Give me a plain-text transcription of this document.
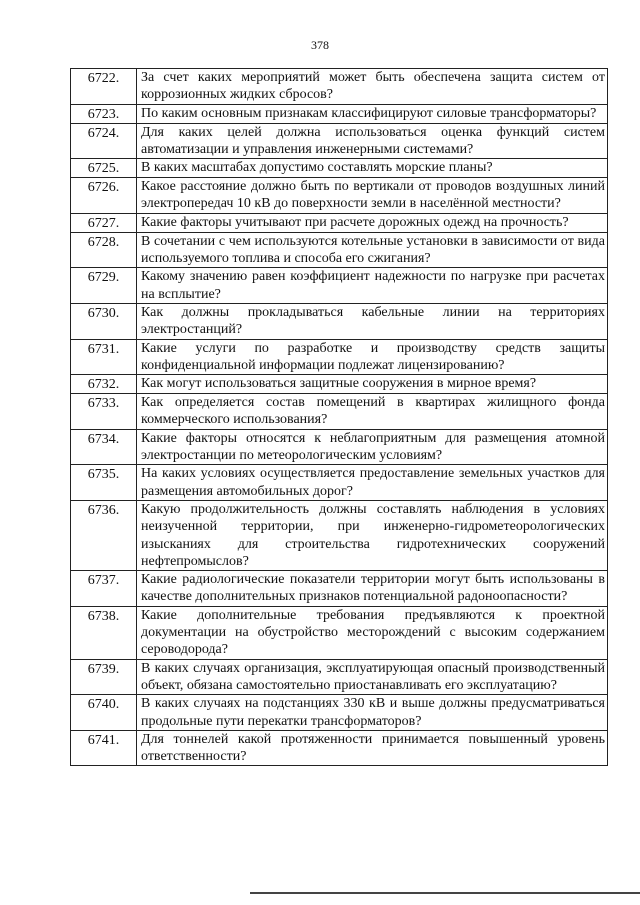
378
6722.	За счет каких мероприятий может быть обеспечена защита систем от коррозионных жидких сбросов?
6723.	По каким основным признакам классифицируют силовые трансформаторы?
6724.	Для каких целей должна использоваться оценка функций систем автоматизации и управления инженерными системами?
6725.	В каких масштабах допустимо составлять морские планы?
6726.	Какое расстояние должно быть по вертикали от проводов воздушных линий электропередач 10 кВ до поверхности земли в населённой местности?
6727.	Какие факторы учитывают при расчете дорожных одежд на прочность?
6728.	В сочетании с чем используются котельные установки в зависимости от вида используемого топлива и способа его сжигания?
6729.	Какому значению равен коэффициент надежности по нагрузке при расчетах на всплытие?
6730.	Как должны прокладываться кабельные линии на территориях электростанций?
6731.	Какие услуги по разработке и производству средств защиты конфиденциальной информации подлежат лицензированию?
6732.	Как могут использоваться защитные сооружения в мирное время?
6733.	Как определяется состав помещений в квартирах жилищного фонда коммерческого использования?
6734.	Какие факторы относятся к неблагоприятным для размещения атомной электростанции по метеорологическим условиям?
6735.	На каких условиях осуществляется предоставление земельных участков для размещения автомобильных дорог?
6736.	Какую продолжительность должны составлять наблюдения в условиях неизученной территории, при инженерно-гидрометеорологических изысканиях для строительства гидротехнических сооружений нефтепромыслов?
6737.	Какие радиологические показатели территории могут быть использованы в качестве дополнительных признаков потенциальной радоноопасности?
6738.	Какие дополнительные требования предъявляются к проектной документации на обустройство месторождений с высоким содержанием сероводорода?
6739.	В каких случаях организация, эксплуатирующая опасный производственный объект, обязана самостоятельно приостанавливать его эксплуатацию?
6740.	В каких случаях на подстанциях 330 кВ и выше должны предусматриваться продольные пути перекатки трансформаторов?
6741.	Для тоннелей какой протяженности принимается повышенный уровень ответственности?
